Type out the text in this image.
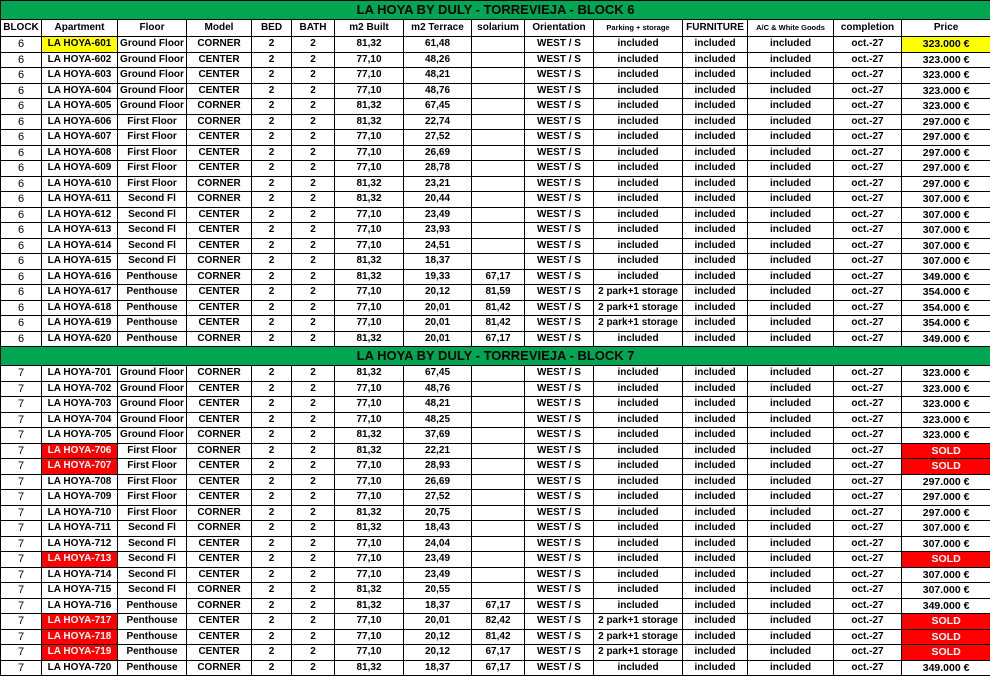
LA HOYA BY DULY - TORREVIEJA - BLOCK 6														
BLOCK	Apartment	Floor	Model	BED	BATH	m2 Built	m2 Terrace	solarium	Orientation	Parking + storage	FURNITURE	A/C & White Goods	completion	Price
6	LA HOYA-601	Ground Floor	CORNER	2	2	81,32	61,48		WEST / S	included	included	included	oct.-27	323.000 €
6	LA HOYA-602	Ground Floor	CENTER	2	2	77,10	48,26		WEST / S	included	included	included	oct.-27	323.000 €
6	LA HOYA-603	Ground Floor	CENTER	2	2	77,10	48,21		WEST / S	included	included	included	oct.-27	323.000 €
6	LA HOYA-604	Ground Floor	CENTER	2	2	77,10	48,76		WEST / S	included	included	included	oct.-27	323.000 €
6	LA HOYA-605	Ground Floor	CORNER	2	2	81,32	67,45		WEST / S	included	included	included	oct.-27	323.000 €
6	LA HOYA-606	First Floor	CORNER	2	2	81,32	22,74		WEST / S	included	included	included	oct.-27	297.000 €
6	LA HOYA-607	First Floor	CENTER	2	2	77,10	27,52		WEST / S	included	included	included	oct.-27	297.000 €
6	LA HOYA-608	First Floor	CENTER	2	2	77,10	26,69		WEST / S	included	included	included	oct.-27	297.000 €
6	LA HOYA-609	First Floor	CENTER	2	2	77,10	28,78		WEST / S	included	included	included	oct.-27	297.000 €
6	LA HOYA-610	First Floor	CORNER	2	2	81,32	23,21		WEST / S	included	included	included	oct.-27	297.000 €
6	LA HOYA-611	Second Fl	CORNER	2	2	81,32	20,44		WEST / S	included	included	included	oct.-27	307.000 €
6	LA HOYA-612	Second Fl	CENTER	2	2	77,10	23,49		WEST / S	included	included	included	oct.-27	307.000 €
6	LA HOYA-613	Second Fl	CENTER	2	2	77,10	23,93		WEST / S	included	included	included	oct.-27	307.000 €
6	LA HOYA-614	Second Fl	CENTER	2	2	77,10	24,51		WEST / S	included	included	included	oct.-27	307.000 €
6	LA HOYA-615	Second Fl	CORNER	2	2	81,32	18,37		WEST / S	included	included	included	oct.-27	307.000 €
6	LA HOYA-616	Penthouse	CORNER	2	2	81,32	19,33	67,17	WEST / S	included	included	included	oct.-27	349.000 €
6	LA HOYA-617	Penthouse	CENTER	2	2	77,10	20,12	81,59	WEST / S	2 park+1 storage	included	included	oct.-27	354.000 €
6	LA HOYA-618	Penthouse	CENTER	2	2	77,10	20,01	81,42	WEST / S	2 park+1 storage	included	included	oct.-27	354.000 €
6	LA HOYA-619	Penthouse	CENTER	2	2	77,10	20,01	81,42	WEST / S	2 park+1 storage	included	included	oct.-27	354.000 €
6	LA HOYA-620	Penthouse	CORNER	2	2	81,32	20,01	67,17	WEST / S	included	included	included	oct.-27	349.000 €
LA HOYA BY DULY - TORREVIEJA - BLOCK 7														
7	LA HOYA-701	Ground Floor	CORNER	2	2	81,32	67,45		WEST / S	included	included	included	oct.-27	323.000 €
7	LA HOYA-702	Ground Floor	CENTER	2	2	77,10	48,76		WEST / S	included	included	included	oct.-27	323.000 €
7	LA HOYA-703	Ground Floor	CENTER	2	2	77,10	48,21		WEST / S	included	included	included	oct.-27	323.000 €
7	LA HOYA-704	Ground Floor	CENTER	2	2	77,10	48,25		WEST / S	included	included	included	oct.-27	323.000 €
7	LA HOYA-705	Ground Floor	CORNER	2	2	81,32	37,69		WEST / S	included	included	included	oct.-27	323.000 €
7	LA HOYA-706	First Floor	CORNER	2	2	81,32	22,21		WEST / S	included	included	included	oct.-27	SOLD
7	LA HOYA-707	First Floor	CENTER	2	2	77,10	28,93		WEST / S	included	included	included	oct.-27	SOLD
7	LA HOYA-708	First Floor	CENTER	2	2	77,10	26,69		WEST / S	included	included	included	oct.-27	297.000 €
7	LA HOYA-709	First Floor	CENTER	2	2	77,10	27,52		WEST / S	included	included	included	oct.-27	297.000 €
7	LA HOYA-710	First Floor	CORNER	2	2	81,32	20,75		WEST / S	included	included	included	oct.-27	297.000 €
7	LA HOYA-711	Second Fl	CORNER	2	2	81,32	18,43		WEST / S	included	included	included	oct.-27	307.000 €
7	LA HOYA-712	Second Fl	CENTER	2	2	77,10	24,04		WEST / S	included	included	included	oct.-27	307.000 €
7	LA HOYA-713	Second Fl	CENTER	2	2	77,10	23,49		WEST / S	included	included	included	oct.-27	SOLD
7	LA HOYA-714	Second Fl	CENTER	2	2	77,10	23,49		WEST / S	included	included	included	oct.-27	307.000 €
7	LA HOYA-715	Second Fl	CORNER	2	2	81,32	20,55		WEST / S	included	included	included	oct.-27	307.000 €
7	LA HOYA-716	Penthouse	CORNER	2	2	81,32	18,37	67,17	WEST / S	included	included	included	oct.-27	349.000 €
7	LA HOYA-717	Penthouse	CENTER	2	2	77,10	20,01	82,42	WEST / S	2 park+1 storage	included	included	oct.-27	SOLD
7	LA HOYA-718	Penthouse	CENTER	2	2	77,10	20,12	81,42	WEST / S	2 park+1 storage	included	included	oct.-27	SOLD
7	LA HOYA-719	Penthouse	CENTER	2	2	77,10	20,12	67,17	WEST / S	2 park+1 storage	included	included	oct.-27	SOLD
7	LA HOYA-720	Penthouse	CORNER	2	2	81,32	18,37	67,17	WEST / S	included	included	included	oct.-27	349.000 €
